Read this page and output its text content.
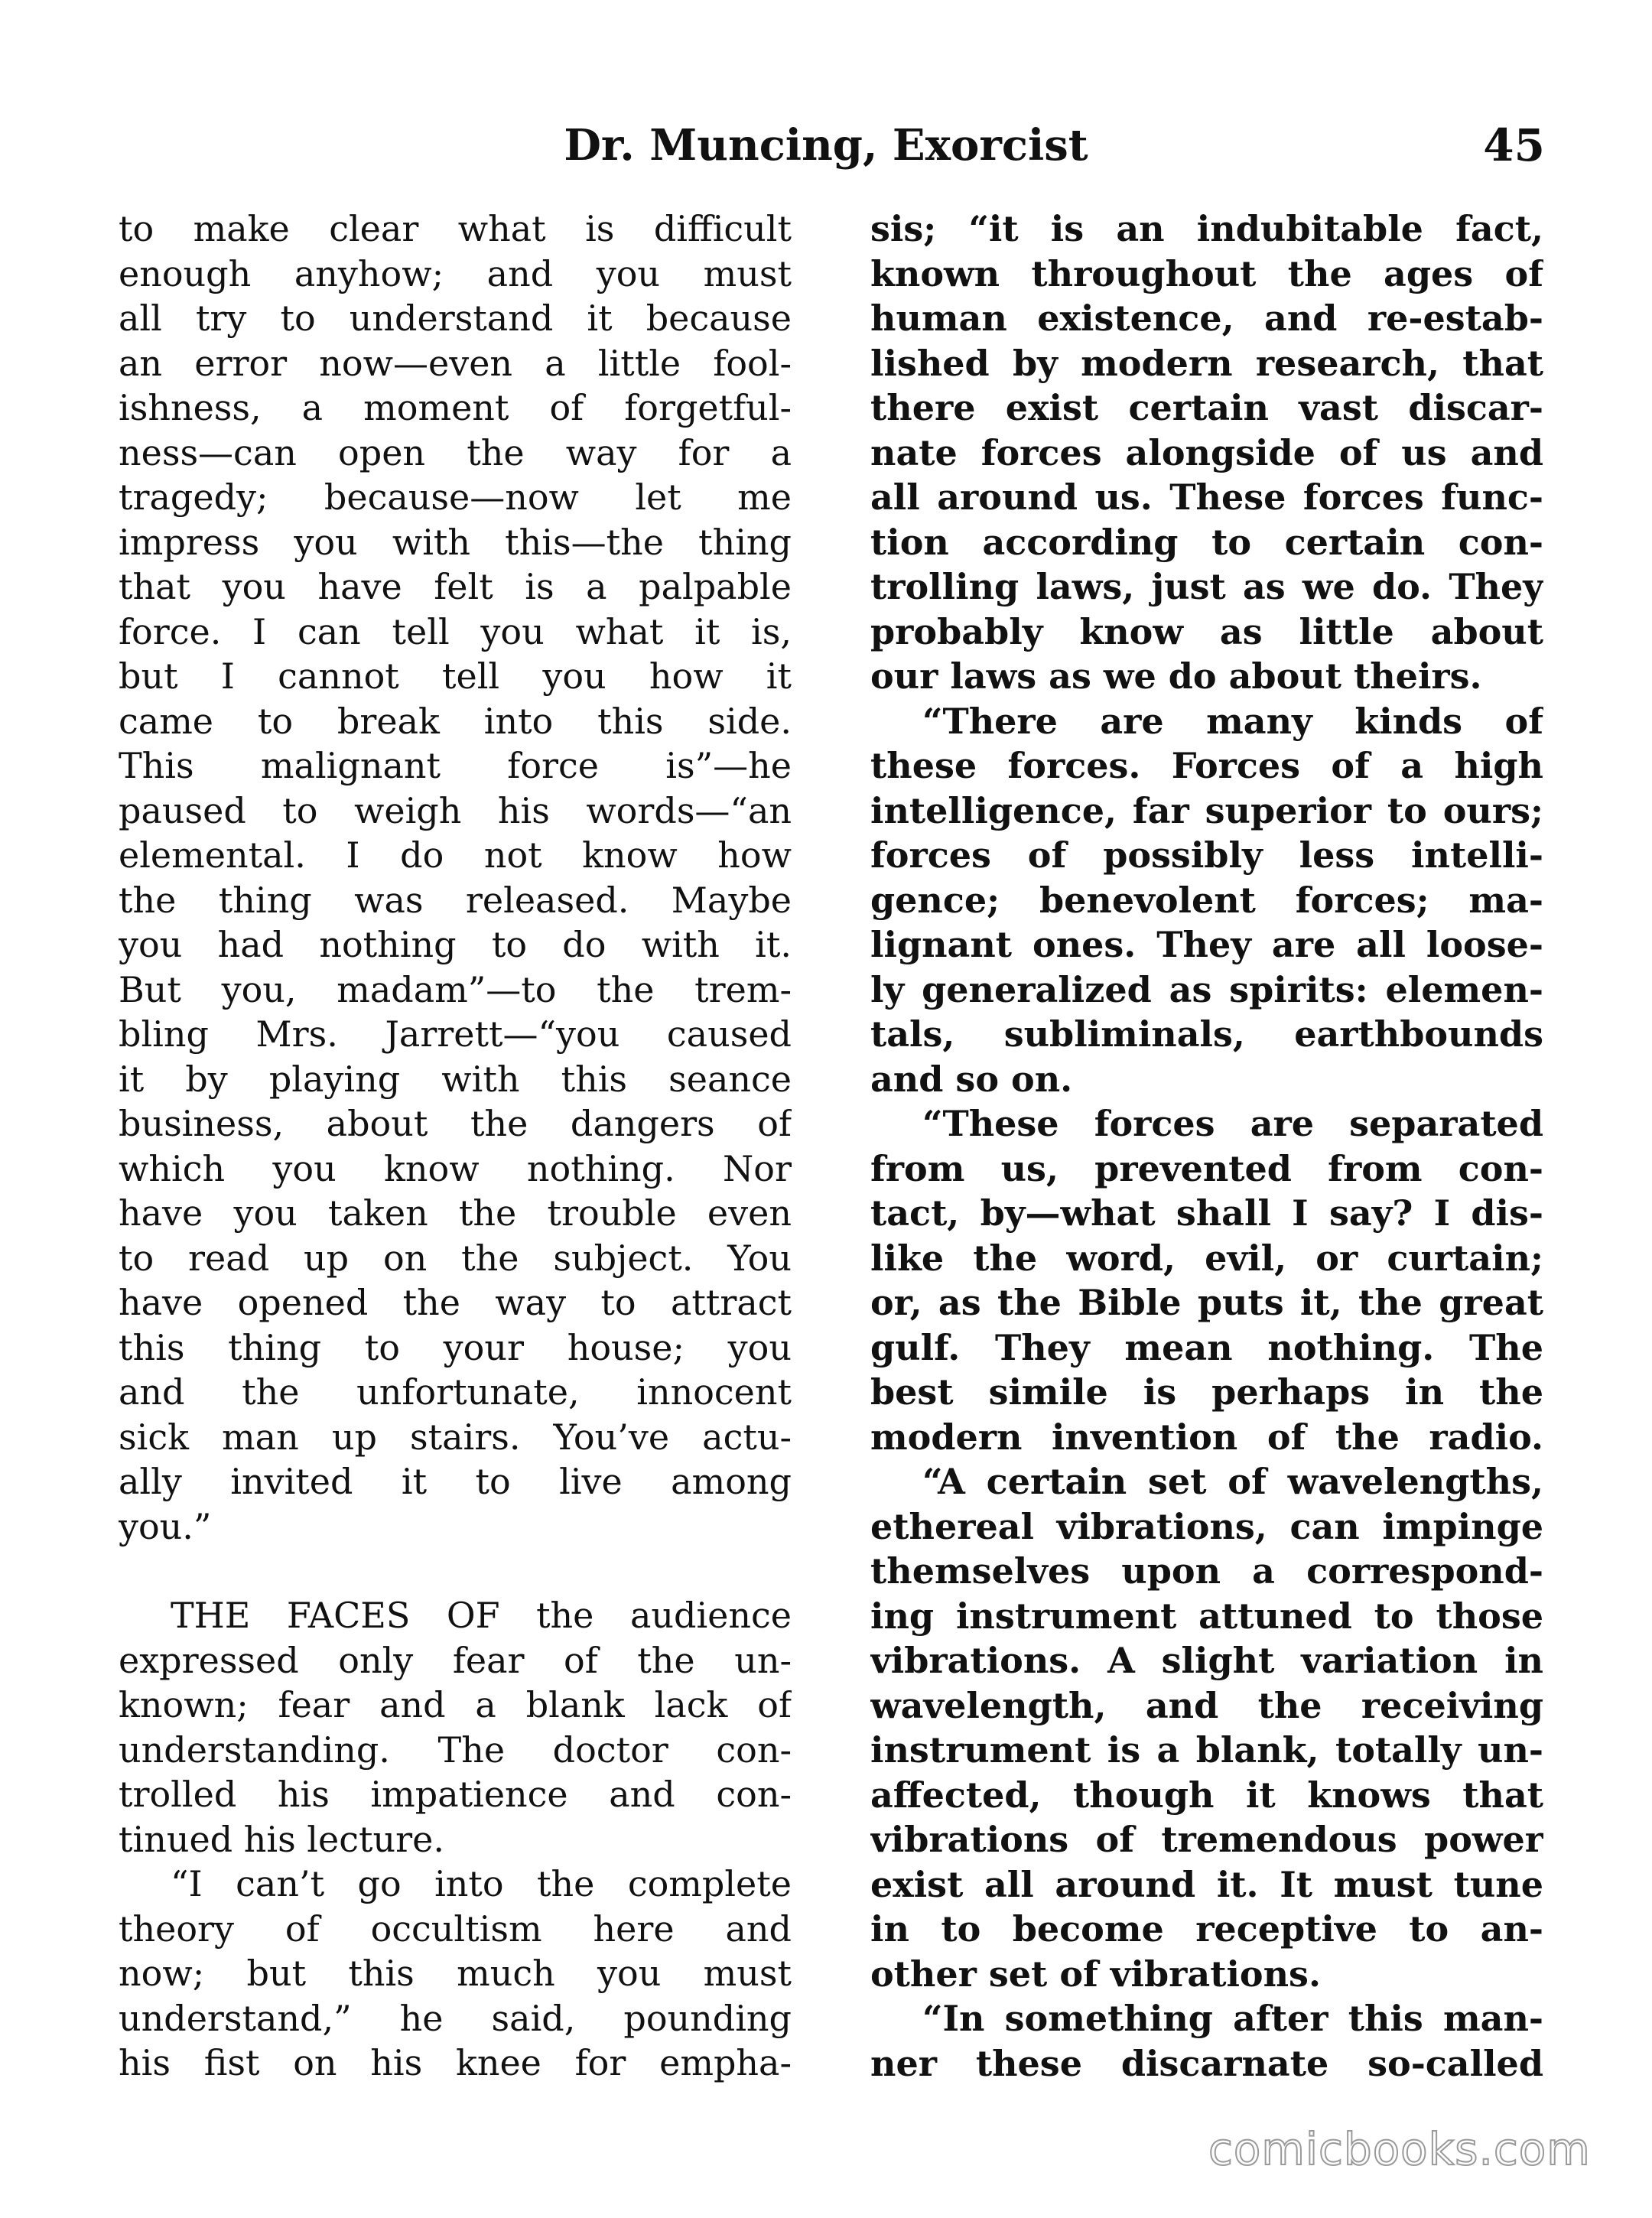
Dr. Muncing, Exorcist	45
to make clear what is difficult
enough anyhow; and you must
all try to understand it because
an error now—even a little fool-
ishness, a moment of forgetful-
ness—can open the way for a
tragedy; because—now let me
impress you with this—the thing
that you have felt is a palpable
force. I can tell you what it is,
but I cannot tell you how it
came to break into this side.
This malignant force is”—he
paused to weigh his words—“an
elemental. I do not know how
the thing was released. Maybe
you had nothing to do with it.
But you, madam”—to the trem-
bling Mrs. Jarrett—“you caused
it by playing with this seance
business, about the dangers of
which you know nothing. Nor
have you taken the trouble even
to read up on the subject. You
have opened the way to attract
this thing to your house; you
and the unfortunate, innocent
sick man up stairs. You’ve actu-
ally invited it to live among
you.”
THE FACES OF the audience
expressed only fear of the un-
known; fear and a blank lack of
understanding. The doctor con-
trolled his impatience and con-
tinued his lecture.
“I can’t go into the complete
theory of occultism here and
now; but this much you must
understand,” he said, pounding
his fist on his knee for empha-
sis; “it is an indubitable fact,
known throughout the ages of
human existence, and re-estab-
lished by modern research, that
there exist certain vast discar-
nate forces alongside of us and
all around us. These forces func-
tion according to certain con-
trolling laws, just as we do. They
probably know as little about
our laws as we do about theirs.
“There are many kinds of
these forces. Forces of a high
intelligence, far superior to ours;
forces of possibly less intelli-
gence; benevolent forces; ma-
lignant ones. They are all loose-
ly generalized as spirits: elemen-
tals, subliminals, earthbounds
and so on.
“These forces are separated
from us, prevented from con-
tact, by—what shall I say? I dis-
like the word, evil, or curtain;
or, as the Bible puts it, the great
gulf. They mean nothing. The
best simile is perhaps in the
modern invention of the radio.
“A certain set of wavelengths,
ethereal vibrations, can impinge
themselves upon a correspond-
ing instrument attuned to those
vibrations. A slight variation in
wavelength, and the receiving
instrument is a blank, totally un-
affected, though it knows that
vibrations of tremendous power
exist all around it. It must tune
in to become receptive to an-
other set of vibrations.
“In something after this man-
ner these discarnate so-called
comicbooks.com
